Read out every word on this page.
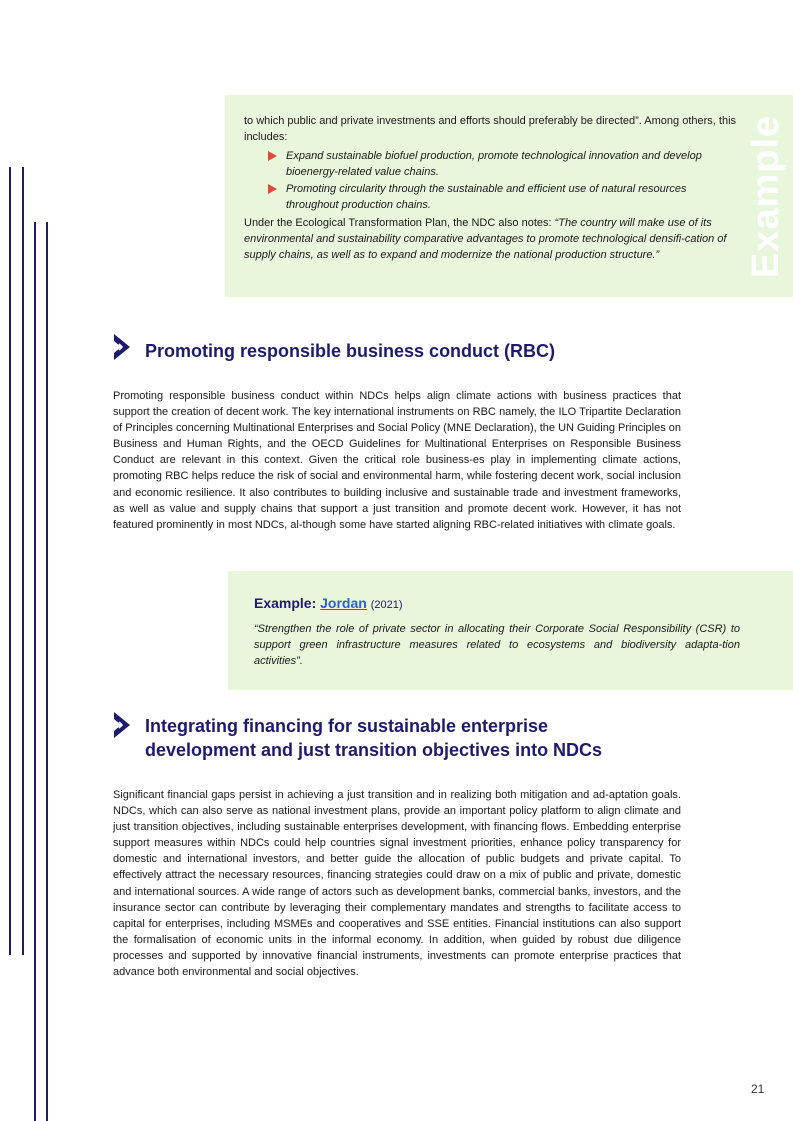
to which public and private investments and efforts should preferably be directed”. Among others, this includes:

Expand sustainable biofuel production, promote technological innovation and develop bioenergy-related value chains.
Promoting circularity through the sustainable and efficient use of natural resources throughout production chains.

Under the Ecological Transformation Plan, the NDC also notes: “The country will make use of its environmental and sustainability comparative advantages to promote technological densifi-cation of supply chains, as well as to expand and modernize the national production structure.”	Example
Promoting responsible business conduct (RBC)
Promoting responsible business conduct within NDCs helps align climate actions with business practices that support the creation of decent work. The key international instruments on RBC namely, the ILO Tripartite Declaration of Principles concerning Multinational Enterprises and Social Policy (MNE Declaration), the UN Guiding Principles on Business and Human Rights, and the OECD Guidelines for Multinational Enterprises on Responsible Business Conduct are relevant in this context. Given the critical role business-es play in implementing climate actions, promoting RBC helps reduce the risk of social and environmental harm, while fostering decent work, social inclusion and economic resilience. It also contributes to building inclusive and sustainable trade and investment frameworks, as well as value and supply chains that support a just transition and promote decent work. However, it has not featured prominently in most NDCs, al-though some have started aligning RBC-related initiatives with climate goals.
Example: Jordan (2021)
“Strengthen the role of private sector in allocating their Corporate Social Responsibility (CSR) to support green infrastructure measures related to ecosystems and biodiversity adapta-tion activities”.
Integrating financing for sustainable enterprise
development and just transition objectives into NDCs
Significant financial gaps persist in achieving a just transition and in realizing both mitigation and ad-aptation goals. NDCs, which can also serve as national investment plans, provide an important policy platform to align climate and just transition objectives, including sustainable enterprises development, with financing flows. Embedding enterprise support measures within NDCs could help countries signal investment priorities, enhance policy transparency for domestic and international investors, and better guide the allocation of public budgets and private capital. To effectively attract the necessary resources, financing strategies could draw on a mix of public and private, domestic and international sources. A wide range of actors such as development banks, commercial banks, investors, and the insurance sector can contribute by leveraging their complementary mandates and strengths to facilitate access to capital for enterprises, including MSMEs and cooperatives and SSE entities. Financial institutions can also support the formalisation of economic units in the informal economy. In addition, when guided by robust due diligence processes and supported by innovative financial instruments, investments can promote enterprise practices that advance both environmental and social objectives.
21
